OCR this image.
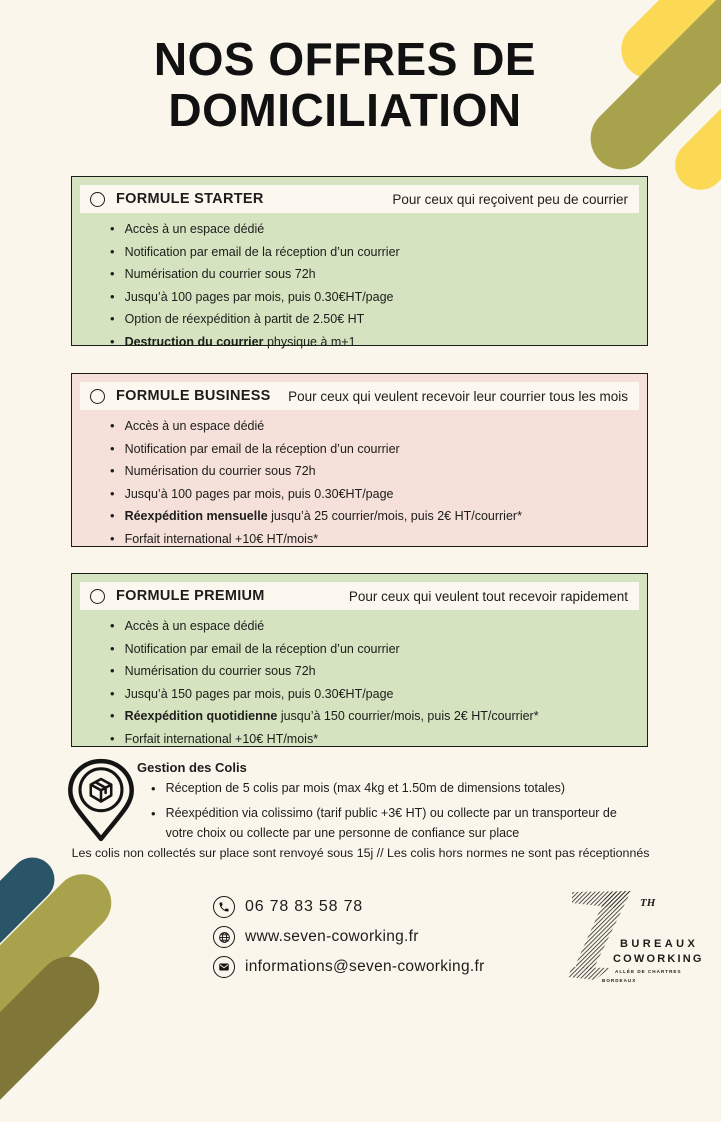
NOS OFFRES DE
DOMICILIATION
FORMULE STARTER	Pour ceux qui reçoivent peu de courrier
• Accès à un espace dédié
• Notification par email de la réception d’un courrier
• Numérisation du courrier sous 72h
• Jusqu’à 100 pages par mois, puis 0.30€HT/page
• Option de réexpédition à partit de 2.50€ HT
• Destruction du courrier physique à m+1
FORMULE BUSINESS Pour ceux qui veulent recevoir leur courrier tous les mois
• Accès à un espace dédié
• Notification par email de la réception d’un courrier
• Numérisation du courrier sous 72h
• Jusqu’à 100 pages par mois, puis 0.30€HT/page
• Réexpédition mensuelle jusqu’à 25 courrier/mois, puis 2€ HT/courrier*
• Forfait international +10€ HT/mois*
FORMULE PREMIUM	Pour ceux qui veulent tout recevoir rapidement
• Accès à un espace dédié
• Notification par email de la réception d’un courrier
• Numérisation du courrier sous 72h
• Jusqu’à 150 pages par mois, puis 0.30€HT/page
• Réexpédition quotidienne jusqu’à 150 courrier/mois, puis 2€ HT/courrier*
• Forfait international +10€ HT/mois*
Gestion des Colis
• Réception de 5 colis par mois (max 4kg et 1.50m de dimensions totales)
• Réexpédition via colissimo (tarif public +3€ HT) ou collecte par un transporteur de votre choix ou collecte par une personne de confiance sur place
Les colis non collectés sur place sont renvoyé sous 15j // Les colis hors normes ne sont pas réceptionnés
06 78 83 58 78
www.seven-coworking.fr
informations@seven-coworking.fr
TH
BUREAUX
COWORKING
ALLÉE DE CHARTRES
BORDEAUX
